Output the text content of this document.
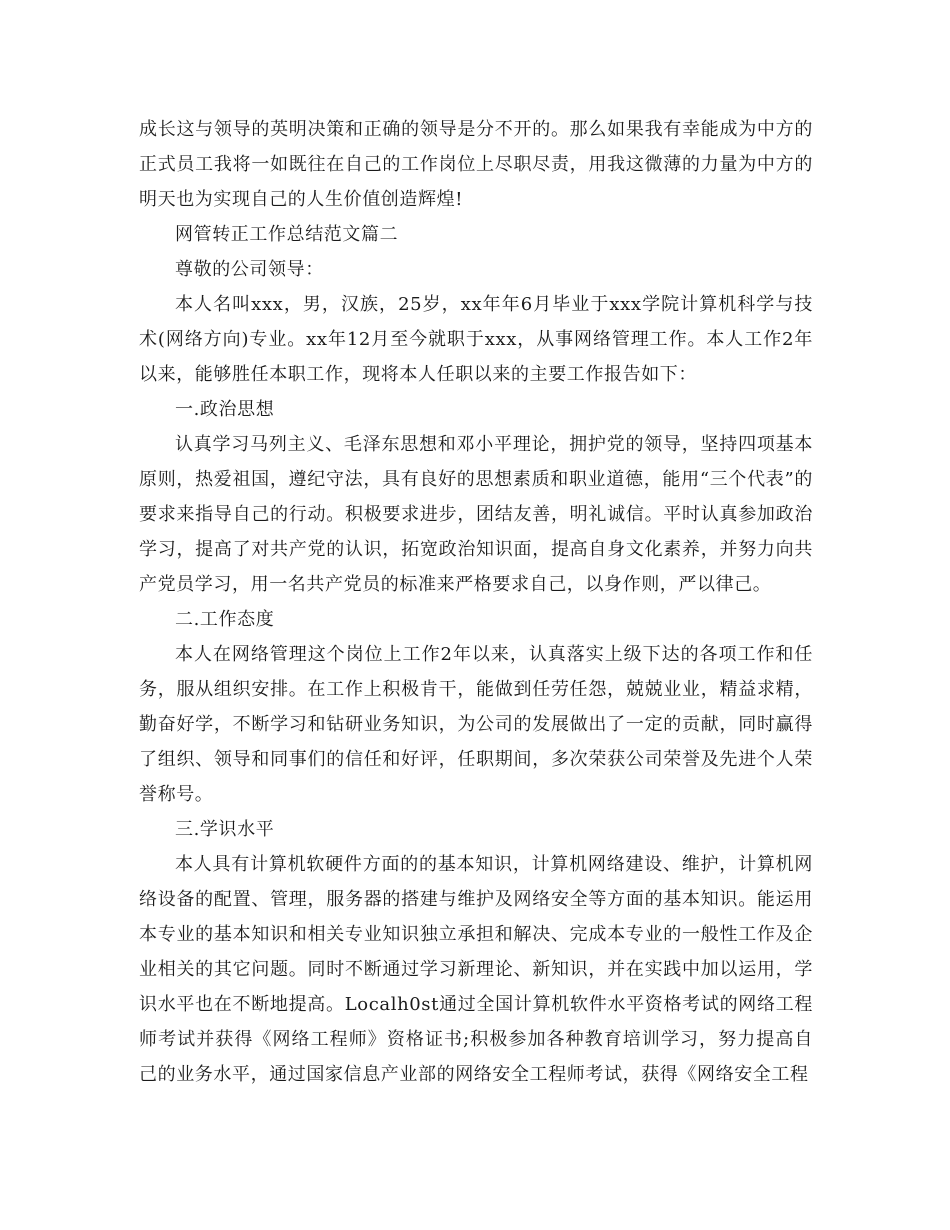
成长这与领导的英明决策和正确的领导是分不开的。那么如果我有幸能成为中方的正式员工我将一如既往在自己的工作岗位上尽职尽责，用我这微薄的力量为中方的明天也为实现自己的人生价值创造辉煌!

网管转正工作总结范文篇二

尊敬的公司领导：

本人名叫xxx，男，汉族，25岁，xx年年6月毕业于xxx学院计算机科学与技术(网络方向)专业。xx年12月至今就职于xxx，从事网络管理工作。本人工作2年以来，能够胜任本职工作，现将本人任职以来的主要工作报告如下：

一.政治思想

认真学习马列主义、毛泽东思想和邓小平理论，拥护党的领导，坚持四项基本原则，热爱祖国，遵纪守法，具有良好的思想素质和职业道德，能用“三个代表”的要求来指导自己的行动。积极要求进步，团结友善，明礼诚信。平时认真参加政治学习，提高了对共产党的认识，拓宽政治知识面，提高自身文化素养，并努力向共产党员学习，用一名共产党员的标准来严格要求自己，以身作则，严以律己。

二.工作态度

本人在网络管理这个岗位上工作2年以来，认真落实上级下达的各项工作和任务，服从组织安排。在工作上积极肯干，能做到任劳任怨，兢兢业业，精益求精，勤奋好学，不断学习和钻研业务知识，为公司的发展做出了一定的贡献，同时赢得了组织、领导和同事们的信任和好评，任职期间，多次荣获公司荣誉及先进个人荣誉称号。

三.学识水平

本人具有计算机软硬件方面的的基本知识，计算机网络建设、维护，计算机网络设备的配置、管理，服务器的搭建与维护及网络安全等方面的基本知识。能运用本专业的基本知识和相关专业知识独立承担和解决、完成本专业的一般性工作及企业相关的其它问题。同时不断通过学习新理论、新知识，并在实践中加以运用，学识水平也在不断地提高。Localh0st通过全国计算机软件水平资格考试的网络工程师考试并获得《网络工程师》资格证书;积极参加各种教育培训学习，努力提高自己的业务水平，通过国家信息产业部的网络安全工程师考试，获得《网络安全工程
